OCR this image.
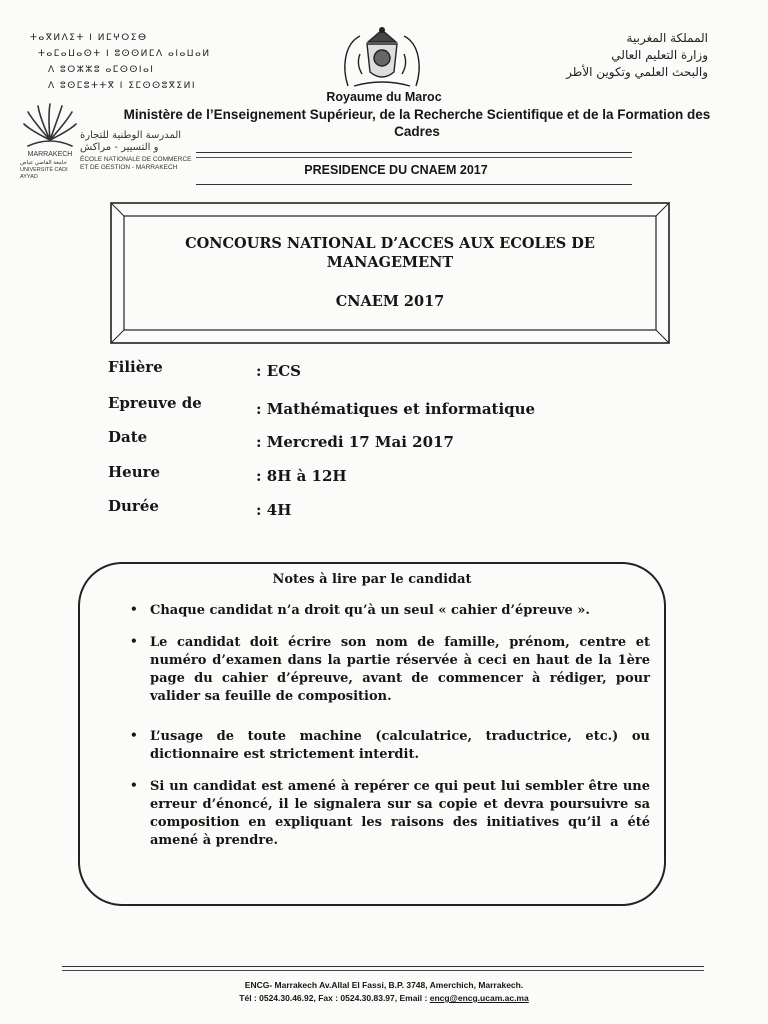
ⵜⴰⴳⵍⴷⵉⵜ ⵏ ⵍⵎⵖⵔⵉⴱ
ⵜⴰⵎⴰⵡⴰⵙⵜ ⵏ ⵓⵙⵙⵍⵎⴷ ⴰⵏⴰⵡⴰⵍ
ⴷ ⵓⵔⵣⵣⵓ ⴰⵎⵙⵙⵏⴰⵏ
ⴷ ⵓⵙⵎⵓⵜⵜⴳ ⵏ ⵉⵎⵙⵙⵓⴳⵉⵍⵏ
المملكة المغربية
وزارة التعليم العالي
والبحث العلمي وتكوين الأطر
Royaume du Maroc
Ministère de l’Enseignement Supérieur, de la Recherche Scientifique et de la Formation des
Cadres
MARRAKECH
المدرسة الوطنية للتجارة
و التسيير - مراكش
ÉCOLE NATIONALE DE COMMERCE
ET DE GESTION - MARRAKECH
جامعة القاضي عياض
UNIVERSITÉ CADI AYYAD	PRESIDENCE DU CNAEM 2017
CONCOURS NATIONAL D’ACCES AUX ECOLES DE
MANAGEMENT
CNAEM 2017
Filière	: ECS
Epreuve de	: Mathématiques et informatique
Date	: Mercredi 17 Mai 2017
Heure	: 8H à 12H
Durée	: 4H
Notes à lire par le candidat
• Chaque candidat n’a droit qu’à un seul « cahier d’épreuve ».
• Le candidat doit écrire son nom de famille, prénom, centre et numéro d’examen dans la partie réservée à ceci en haut de la 1ère page du cahier d’épreuve, avant de commencer à rédiger, pour valider sa feuille de composition.
• L’usage de toute machine (calculatrice, traductrice, etc.) ou dictionnaire est strictement interdit.
• Si un candidat est amené à repérer ce qui peut lui sembler être une erreur d’énoncé, il le signalera sur sa copie et devra poursuivre sa composition en expliquant les raisons des initiatives qu’il a été amené à prendre.
ENCG- Marrakech Av.Allal El Fassi, B.P. 3748, Amerchich, Marrakech.
Tél : 0524.30.46.92, Fax : 0524.30.83.97, Email : encg@encg.ucam.ac.ma
